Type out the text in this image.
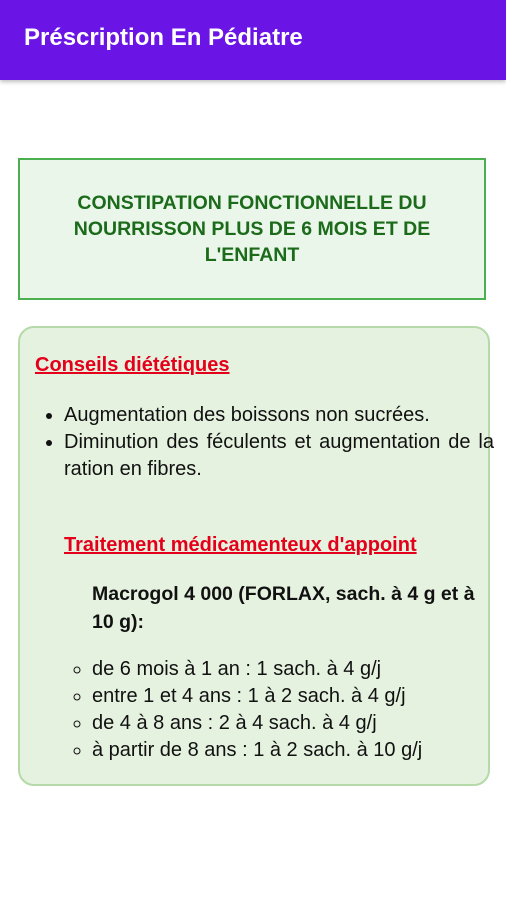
Préscription En Pédiatre
CONSTIPATION FONCTIONNELLE DU NOURRISSON PLUS DE 6 MOIS ET DE L'ENFANT
Conseils diététiques
• Augmentation des boissons non sucrées.
• Diminution des féculents et augmentation de la ration en fibres.
Traitement médicamenteux d'appoint
Macrogol 4 000 (FORLAX, sach. à 4 g et à 10 g):
◦ de 6 mois à 1 an : 1 sach. à 4 g/j
◦ entre 1 et 4 ans : 1 à 2 sach. à 4 g/j
◦ de 4 à 8 ans : 2 à 4 sach. à 4 g/j
◦ à partir de 8 ans : 1 à 2 sach. à 10 g/j
